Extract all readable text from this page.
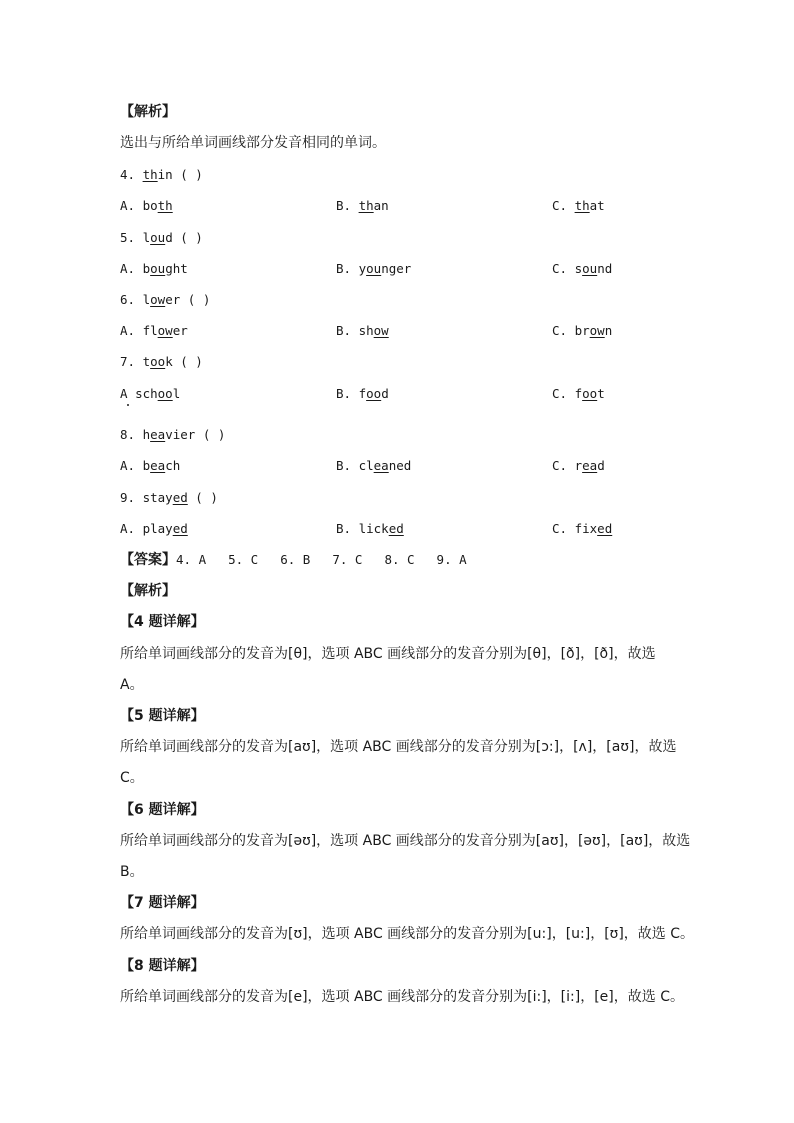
【解析】
选出与所给单词画线部分发音相同的单词。
4. thin ( )
A. both	B. than	C. that
5. loud ( )
A. bought	B. younger	C. sound
6. lower ( )
A. flower	B. show	C. brown
7. took ( )
A school	B. food	C. foot
8. heavier ( )
A. beach	B. cleaned	C. read
9. stayed ( )
A. played	B. licked	C. fixed
【答案】4. A 5. C 6. B 7. C 8. C 9. A
【解析】
【4 题详解】
所给单词画线部分的发音为[θ]，选项 ABC 画线部分的发音分别为[θ]，[ð]，[ð]，故选
A。
【5 题详解】
所给单词画线部分的发音为[aʊ]，选项 ABC 画线部分的发音分别为[ɔ:]，[ʌ]，[aʊ]，故选
C。
【6 题详解】
所给单词画线部分的发音为[əʊ]，选项 ABC 画线部分的发音分别为[aʊ]，[əʊ]，[aʊ]，故选
B。
【7 题详解】
所给单词画线部分的发音为[ʊ]，选项 ABC 画线部分的发音分别为[u:]，[u:]，[ʊ]，故选 C。
【8 题详解】
所给单词画线部分的发音为[e]，选项 ABC 画线部分的发音分别为[i:]，[i:]，[e]，故选 C。
